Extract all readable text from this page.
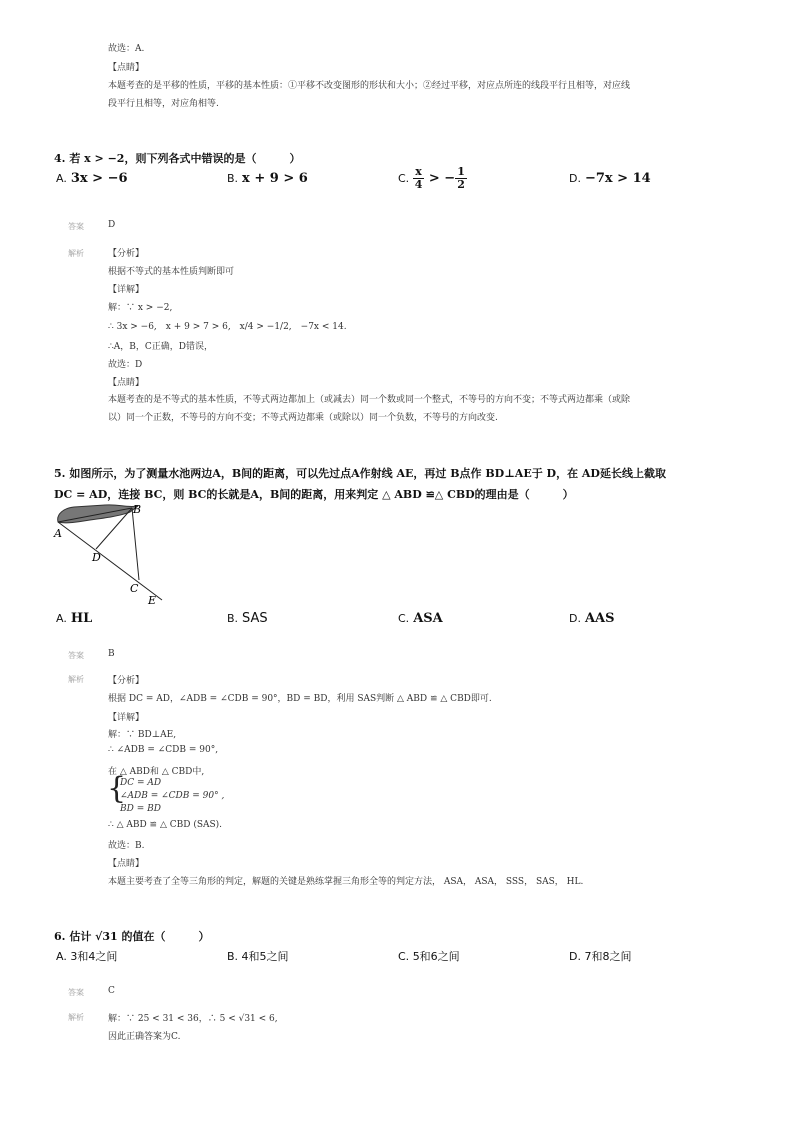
故选：A.
【点睛】
本题考查的是平移的性质，平移的基本性质：①平移不改变图形的形状和大小；②经过平移，对应点所连的线段平行且相等，对应线
段平行且相等，对应角相等.
4. 若 x > −2，则下列各式中错误的是（　　　）
A. 3x > −6	B. x + 9 > 6	C. $\frac{x}{4}$ > − $\frac{1}{2}$	D. −7x > 14
答案	D
解析	【分析】
根据不等式的基本性质判断即可
【详解】
解：∵ x > −2,
∴ 3x > −6,　x + 9 > 7 > 6,　x/4 > −1/2,　−7x < 14.
∴A，B，C正确，D错误，
故选：D
【点睛】
本题考查的是不等式的基本性质，不等式两边都加上（或减去）同一个数或同一个整式，不等号的方向不变；不等式两边都乘（或除
以）同一个正数，不等号的方向不变；不等式两边都乘（或除以）同一个负数，不等号的方向改变.
5. 如图所示，为了测量水池两边A，B间的距离，可以先过点A作射线 AE，再过 B点作 BD⊥AE于 D，在 AD延长线上截取
DC = AD，连接 BC，则 BC的长就是A，B间的距离，用来判定 △ ABD ≌△ CBD的理由是（　　　）
A
B
D
C
E
A. HL	B. SAS	C. ASA	D. AAS
答案	B
解析	【分析】
根据 DC = AD，∠ADB = ∠CDB = 90°，BD = BD，利用 SAS判断 △ ABD ≌ △ CBD即可.
【详解】
解：∵ BD⊥AE,
∴ ∠ADB = ∠CDB = 90°,
在 △ ABD和 △ CBD中,
{
DC = AD
∠ADB = ∠CDB = 90° ,
BD = BD
∴ △ ABD ≌ △ CBD (SAS).
故选：B.
【点睛】
本题主要考查了全等三角形的判定，解题的关键是熟练掌握三角形全等的判定方法， ASA， ASA， SSS， SAS， HL.
6. 估计 √31 的值在（　　　）
A. 3和4之间	B. 4和5之间	C. 5和6之间	D. 7和8之间
答案	C
解析	解：∵ 25 < 31 < 36，∴ 5 < √31 < 6,
因此正确答案为C.
